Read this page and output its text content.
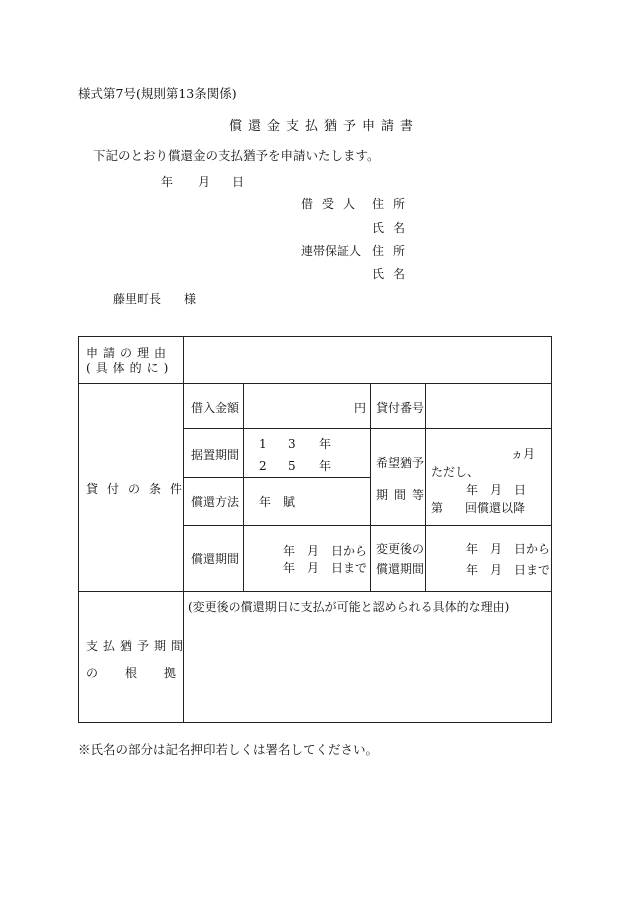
様式第7号(規則第13条関係)
償還金支払猶予申請書
下記のとおり償還金の支払猶予を申請いたします。
年 月 日
借受人 住所
氏名
連帯保証人 住所
氏名
藤里町長 様
申請の理由
(具体的に)
貸付の条件
借入金額	円 貸付番号
据置期間
1 3 年
2 5 年	希望猶予
期間等
ヵ月
ただし、
年　月　日
第 回償還以降
償還方法 年　賦
償還期間
年　月　日から
年　月　日まで
変更後の
償還期間
年　月　日から
年　月　日まで
支払猶予期間
の根拠
(変更後の償還期日に支払が可能と認められる具体的な理由)
※氏名の部分は記名押印若しくは署名してください。
